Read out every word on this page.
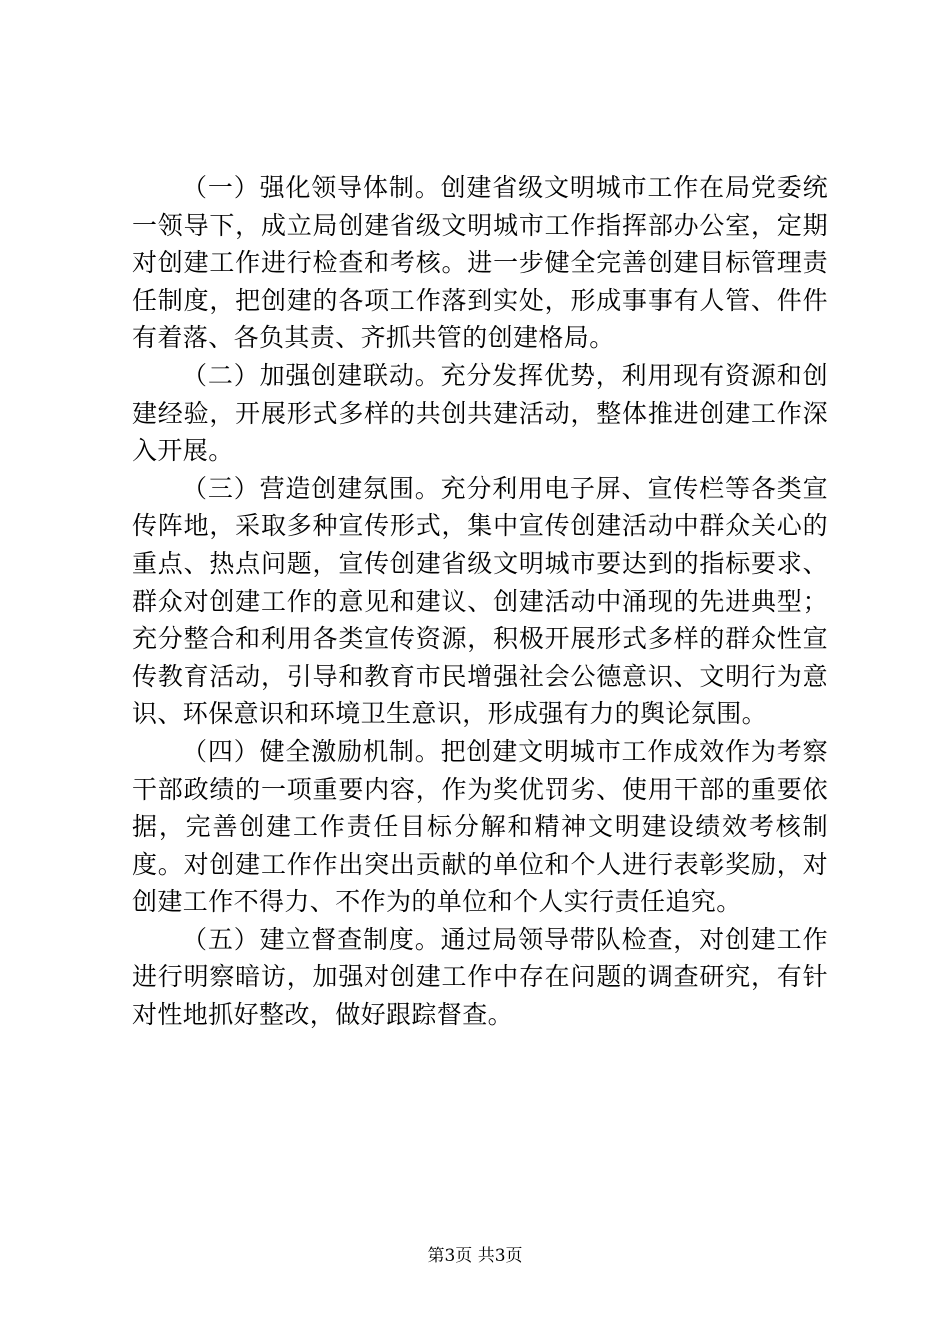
（一）强化领导体制。创建省级文明城市工作在局党委统一领导下，成立局创建省级文明城市工作指挥部办公室，定期对创建工作进行检查和考核。进一步健全完善创建目标管理责任制度，把创建的各项工作落到实处，形成事事有人管、件件有着落、各负其责、齐抓共管的创建格局。

（二）加强创建联动。充分发挥优势，利用现有资源和创建经验，开展形式多样的共创共建活动，整体推进创建工作深入开展。

（三）营造创建氛围。充分利用电子屏、宣传栏等各类宣传阵地，采取多种宣传形式，集中宣传创建活动中群众关心的重点、热点问题，宣传创建省级文明城市要达到的指标要求、群众对创建工作的意见和建议、创建活动中涌现的先进典型；充分整合和利用各类宣传资源，积极开展形式多样的群众性宣传教育活动，引导和教育市民增强社会公德意识、文明行为意识、环保意识和环境卫生意识，形成强有力的舆论氛围。

（四）健全激励机制。把创建文明城市工作成效作为考察干部政绩的一项重要内容，作为奖优罚劣、使用干部的重要依据，完善创建工作责任目标分解和精神文明建设绩效考核制度。对创建工作作出突出贡献的单位和个人进行表彰奖励，对创建工作不得力、不作为的单位和个人实行责任追究。

（五）建立督查制度。通过局领导带队检查，对创建工作进行明察暗访，加强对创建工作中存在问题的调查研究，有针对性地抓好整改，做好跟踪督查。

第3页 共3页
